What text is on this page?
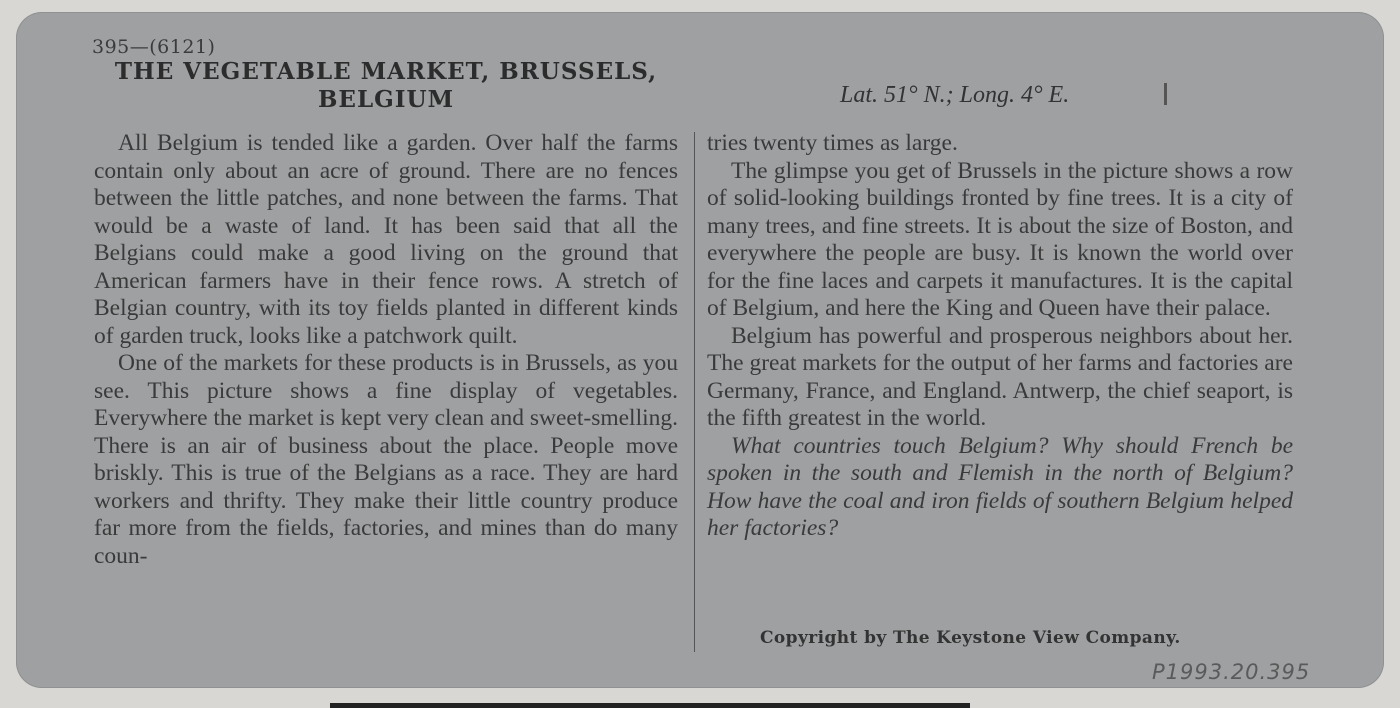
395—(6121)
THE VEGETABLE MARKET, BRUSSELS, BELGIUM	Lat. 51° N.; Long. 4° E.

All Belgium is tended like a garden. Over half the farms contain only about an acre of ground. There are no fences between the little patches, and none between the farms. That would be a waste of land. It has been said that all the Belgians could make a good living on the ground that American farmers have in their fence rows. A stretch of Belgian country, with its toy fields planted in different kinds of garden truck, looks like a patchwork quilt.

One of the markets for these products is in Brussels, as you see. This picture shows a fine display of vegetables. Everywhere the market is kept very clean and sweet-smelling. There is an air of business about the place. People move briskly. This is true of the Belgians as a race. They are hard workers and thrifty. They make their little country produce far more from the fields, factories, and mines than do many coun-

tries twenty times as large.

The glimpse you get of Brussels in the picture shows a row of solid-looking buildings fronted by fine trees. It is a city of many trees, and fine streets. It is about the size of Boston, and everywhere the people are busy. It is known the world over for the fine laces and carpets it manufactures. It is the capital of Belgium, and here the King and Queen have their palace.

Belgium has powerful and prosperous neighbors about her. The great markets for the output of her farms and factories are Germany, France, and England. Antwerp, the chief seaport, is the fifth greatest in the world.

What countries touch Belgium? Why should French be spoken in the south and Flemish in the north of Belgium? How have the coal and iron fields of southern Belgium helped her factories?

Copyright by The Keystone View Company.
P1993.20.395
